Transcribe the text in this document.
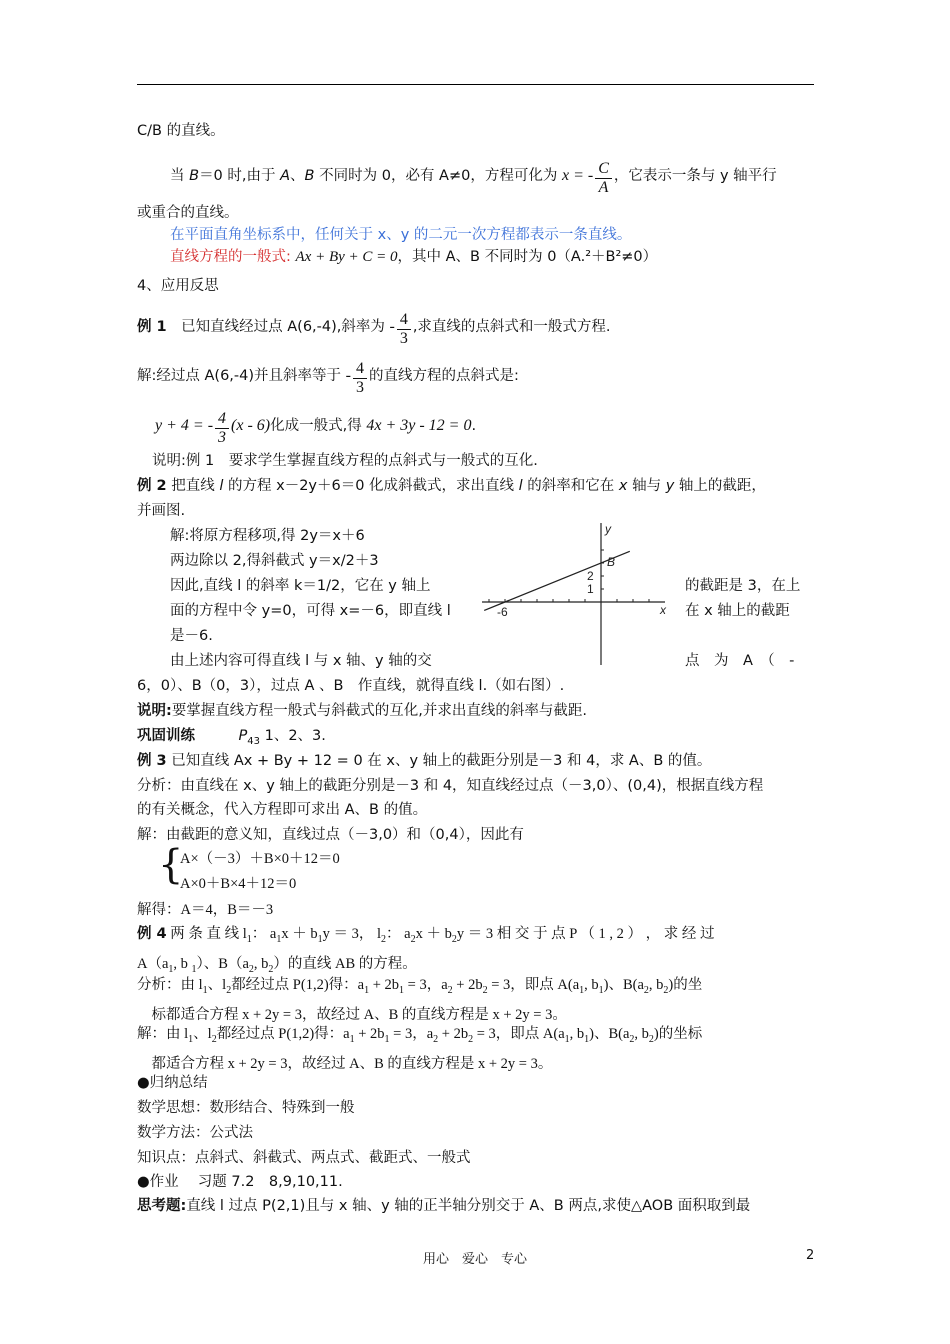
C/B 的直线。
当 B＝0 时,由于 A、B 不同时为 0，必有 A≠0，方程可化为 x = - $\frac{C}{A}$ ，它表示一条与 y 轴平行
或重合的直线。
在平面直角坐标系中，任何关于 x、y 的二元一次方程都表示一条直线。
直线方程的一般式: Ax + By + C = 0，其中 A、B 不同时为 0（A.²＋B²≠0）
4、应用反思
例 1　已知直线经过点 A(6,-4),斜率为 - $\frac{4}{3}$ ,求直线的点斜式和一般式方程.
解:经过点 A(6,-4)并且斜率等于 - $\frac{4}{3}$ 的直线方程的点斜式是:
y + 4 = - $\frac{4}{3} (x - 6)$化成一般式,得 4x + 3y - 12 = 0.
说明:例 1　要求学生掌握直线方程的点斜式与一般式的互化.
例 2 把直线 l 的方程 x－2y＋6＝0 化成斜截式，求出直线 l 的斜率和它在 x 轴与 y 轴上的截距，
并画图.
解:将原方程移项,得 2y＝x＋6
两边除以 2,得斜截式 y＝x/2＋3
因此,直线 l 的斜率 k＝1/2，它在 y 轴上	的截距是 3，在上
面的方程中令 y=0，可得 x=－6，即直线 l	在 x 轴上的截距
是－6.
由上述内容可得直线 l 与 x 轴、y 轴的交	点　为　A　（　-
6，0）、B（0，3），过点 A 、B　作直线，就得直线 l.（如右图）.
-6
1
2
x
y
B
说明:要掌握直线方程一般式与斜截式的互化,并求出直线的斜率与截距.
巩固训练　　　	$P_{43}$ 1、2、3.
例 3 已知直线 Ax + By + 12 = 0 在 x、y 轴上的截距分别是－3 和 4，求 A、B 的值。
分析：由直线在 x、y 轴上的截距分别是－3 和 4，知直线经过点（－3,0）、(0,4)，根据直线方程
的有关概念，代入方程即可求出 A、B 的值。
解：由截距的意义知，直线过点（－3,0）和（0,4），因此有
{
A×（－3）＋B×0＋12＝0
A×0＋B×4＋12＝0
解得：A＝4，B＝－3
例 4 两 条 直 线 $l_1$： $a_1x + b_1y = 3$， $l_2$： $a_2x + b_2y = 3$ 相 交 于 点 P （ 1 , 2 ） ， 求 经 过
$A(a_1$, b $_1$）、$B(a_2$, $b_2$）的直线 AB 的方程。
分析：由 $l_1$、$l_2$都经过点 P(1,2)得：$a_1 + 2b_1 = 3$，$a_2 + 2b_2 = 3$，即点 $A(a_1$, $b_1$)、$B(a_2$, $b_2$)的坐
　标都适合方程 x + 2y = 3，故经过 A、B 的直线方程是 x + 2y = 3。
解：由 $l_1$、$l_2$都经过点 P(1,2)得：$a_1 + 2b_1 = 3$，$a_2 + 2b_2 = 3$，即点 $A(a_1$, $b_1$)、$B(a_2$, $b_2$)的坐标
　都适合方程 x + 2y = 3，故经过 A、B 的直线方程是 x + 2y = 3。
●归纳总结
数学思想：数形结合、特殊到一般
数学方法：公式法
知识点：点斜式、斜截式、两点式、截距式、一般式
●作业　 习题 7.2　8,9,10,11.
思考题:直线 l 过点 P(2,1)且与 x 轴、y 轴的正半轴分别交于 A、B 两点,求使△AOB 面积取到最
用心　爱心　专心	2
